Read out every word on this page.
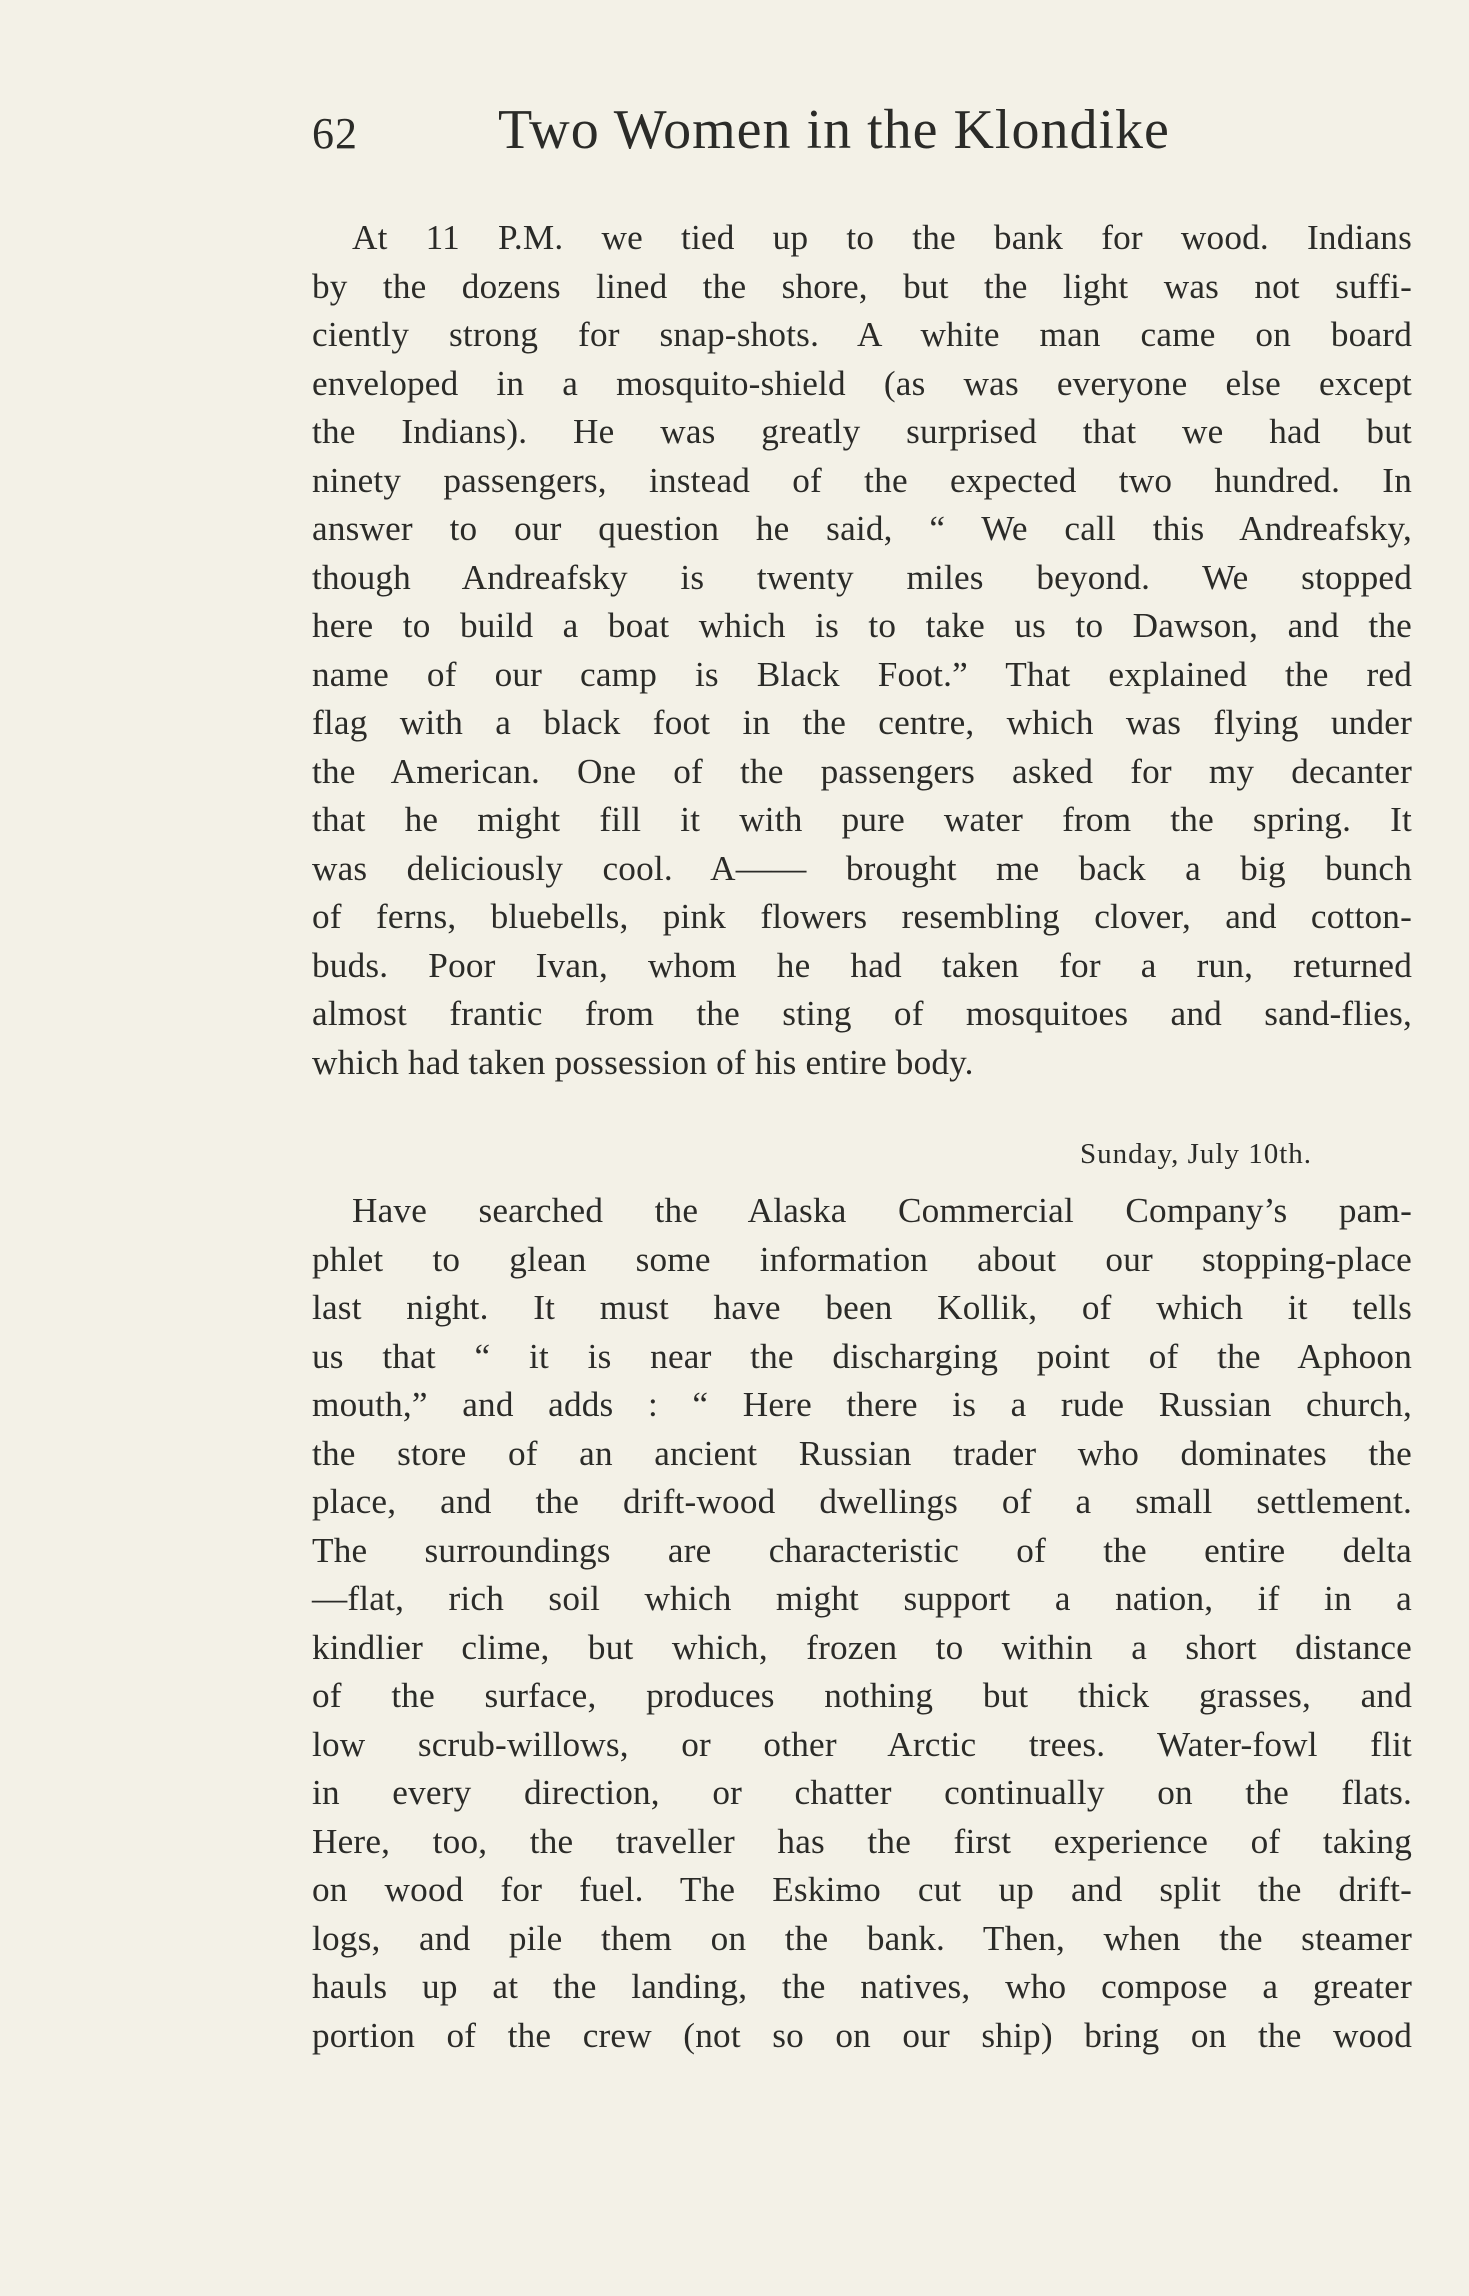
62	Two Women in the Klondike
At 11 P.M. we tied up to the bank for wood. Indians
by the dozens lined the shore, but the light was not suffi-
ciently strong for snap-shots. A white man came on board
enveloped in a mosquito-shield (as was everyone else except
the Indians). He was greatly surprised that we had but
ninety passengers, instead of the expected two hundred. In
answer to our question he said, “ We call this Andreafsky,
though Andreafsky is twenty miles beyond. We stopped
here to build a boat which is to take us to Dawson, and the
name of our camp is Black Foot.” That explained the red
flag with a black foot in the centre, which was flying under
the American. One of the passengers asked for my decanter
that he might fill it with pure water from the spring. It
was deliciously cool. A—— brought me back a big bunch
of ferns, bluebells, pink flowers resembling clover, and cotton-
buds. Poor Ivan, whom he had taken for a run, returned
almost frantic from the sting of mosquitoes and sand-flies,
which had taken possession of his entire body.
Sunday, July 10th.
Have searched the Alaska Commercial Company’s pam-
phlet to glean some information about our stopping-place
last night. It must have been Kollik, of which it tells
us that “ it is near the discharging point of the Aphoon
mouth,” and adds : “ Here there is a rude Russian church,
the store of an ancient Russian trader who dominates the
place, and the drift-wood dwellings of a small settlement.
The surroundings are characteristic of the entire delta
—flat, rich soil which might support a nation, if in a
kindlier clime, but which, frozen to within a short distance
of the surface, produces nothing but thick grasses, and
low scrub-willows, or other Arctic trees. Water-fowl flit
in every direction, or chatter continually on the flats.
Here, too, the traveller has the first experience of taking
on wood for fuel. The Eskimo cut up and split the drift-
logs, and pile them on the bank. Then, when the steamer
hauls up at the landing, the natives, who compose a greater
portion of the crew (not so on our ship) bring on the wood
